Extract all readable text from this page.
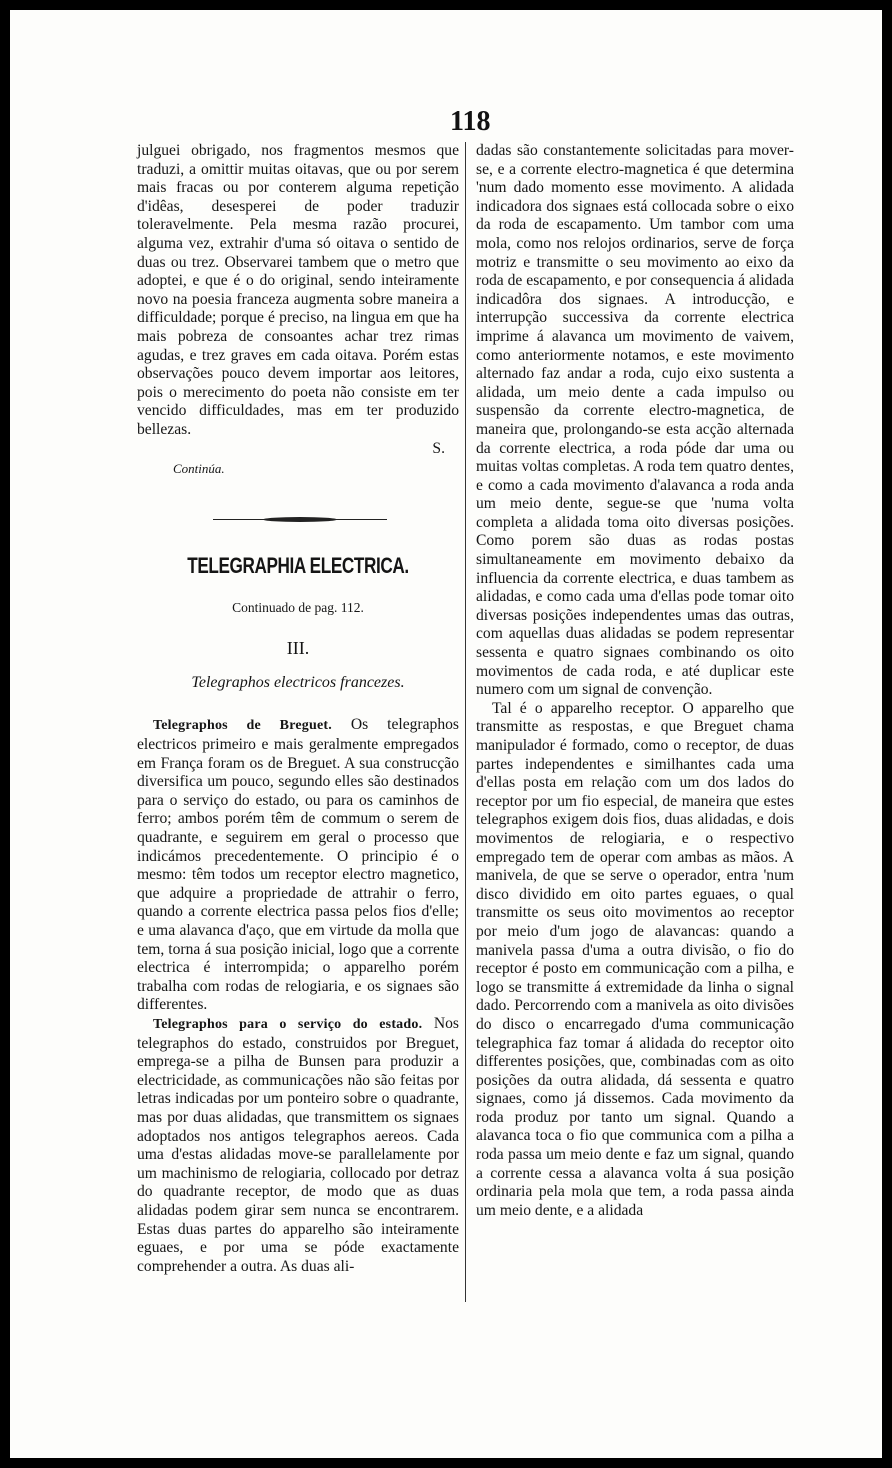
118

julguei obrigado, nos fragmentos mesmos que traduzi, a omittir muitas oitavas, que ou por serem mais fracas ou por conterem alguma repetição d'idêas, desesperei de poder traduzir toleravelmente. Pela mesma razão procurei, alguma vez, extrahir d'uma só oitava o sentido de duas ou trez. Observarei tambem que o metro que adoptei, e que é o do original, sendo inteiramente novo na poesia franceza augmenta sobre maneira a difficuldade; porque é preciso, na lingua em que ha mais pobreza de consoantes achar trez rimas agudas, e trez graves em cada oitava. Porém estas observações pouco devem importar aos leitores, pois o merecimento do poeta não consiste em ter vencido difficuldades, mas em ter produzido bellezas.

S.

Continúa.

TELEGRAPHIA ELECTRICA.
Continuado de pag. 112.
III.
Telegraphos electricos francezes.

Telegraphos de Breguet. Os telegraphos electricos primeiro e mais geralmente empregados em França foram os de Breguet. A sua construcção diversifica um pouco, segundo elles são destinados para o serviço do estado, ou para os caminhos de ferro; ambos porém têm de commum o serem de quadrante, e seguirem em geral o processo que indicámos precedentemente. O principio é o mesmo: têm todos um receptor electro magnetico, que adquire a propriedade de attrahir o ferro, quando a corrente electrica passa pelos fios d'elle; e uma alavanca d'aço, que em virtude da molla que tem, torna á sua posição inicial, logo que a corrente electrica é interrompida; o apparelho porém trabalha com rodas de relogiaria, e os signaes são differentes.

Telegraphos para o serviço do estado. Nos telegraphos do estado, construidos por Breguet, emprega-se a pilha de Bunsen para produzir a electricidade, as communicações não são feitas por letras indicadas por um ponteiro sobre o quadrante, mas por duas alidadas, que transmittem os signaes adoptados nos antigos telegraphos aereos. Cada uma d'estas alidadas move-se parallelamente por um machinismo de relogiaria, collocado por detraz do quadrante receptor, de modo que as duas alidadas podem girar sem nunca se encontrarem. Estas duas partes do apparelho são inteiramente eguaes, e por uma se póde exactamente comprehender a outra. As duas ali-

dadas são constantemente solicitadas para mover-se, e a corrente electro-magnetica é que determina 'num dado momento esse movimento. A alidada indicadora dos signaes está collocada sobre o eixo da roda de escapamento. Um tambor com uma mola, como nos relojos ordinarios, serve de força motriz e transmitte o seu movimento ao eixo da roda de escapamento, e por consequencia á alidada indicadôra dos signaes. A introducção, e interrupção successiva da corrente electrica imprime á alavanca um movimento de vaivem, como anteriormente notamos, e este movimento alternado faz andar a roda, cujo eixo sustenta a alidada, um meio dente a cada impulso ou suspensão da corrente electro-magnetica, de maneira que, prolongando-se esta acção alternada da corrente electrica, a roda póde dar uma ou muitas voltas completas. A roda tem quatro dentes, e como a cada movimento d'alavanca a roda anda um meio dente, segue-se que 'numa volta completa a alidada toma oito diversas posições. Como porem são duas as rodas postas simultaneamente em movimento debaixo da influencia da corrente electrica, e duas tambem as alidadas, e como cada uma d'ellas pode tomar oito diversas posições independentes umas das outras, com aquellas duas alidadas se podem representar sessenta e quatro signaes combinando os oito movimentos de cada roda, e até duplicar este numero com um signal de convenção.

Tal é o apparelho receptor. O apparelho que transmitte as respostas, e que Breguet chama manipulador é formado, como o receptor, de duas partes independentes e similhantes cada uma d'ellas posta em relação com um dos lados do receptor por um fio especial, de maneira que estes telegraphos exigem dois fios, duas alidadas, e dois movimentos de relogiaria, e o respectivo empregado tem de operar com ambas as mãos. A manivela, de que se serve o operador, entra 'num disco dividido em oito partes eguaes, o qual transmitte os seus oito movimentos ao receptor por meio d'um jogo de alavancas: quando a manivela passa d'uma a outra divisão, o fio do receptor é posto em communicação com a pilha, e logo se transmitte á extremidade da linha o signal dado. Percorrendo com a manivela as oito divisões do disco o encarregado d'uma communicação telegraphica faz tomar á alidada do receptor oito differentes posições, que, combinadas com as oito posições da outra alidada, dá sessenta e quatro signaes, como já dissemos. Cada movimento da roda produz por tanto um signal. Quando a alavanca toca o fio que communica com a pilha a roda passa um meio dente e faz um signal, quando a corrente cessa a alavanca volta á sua posição ordinaria pela mola que tem, a roda passa ainda um meio dente, e a alidada
